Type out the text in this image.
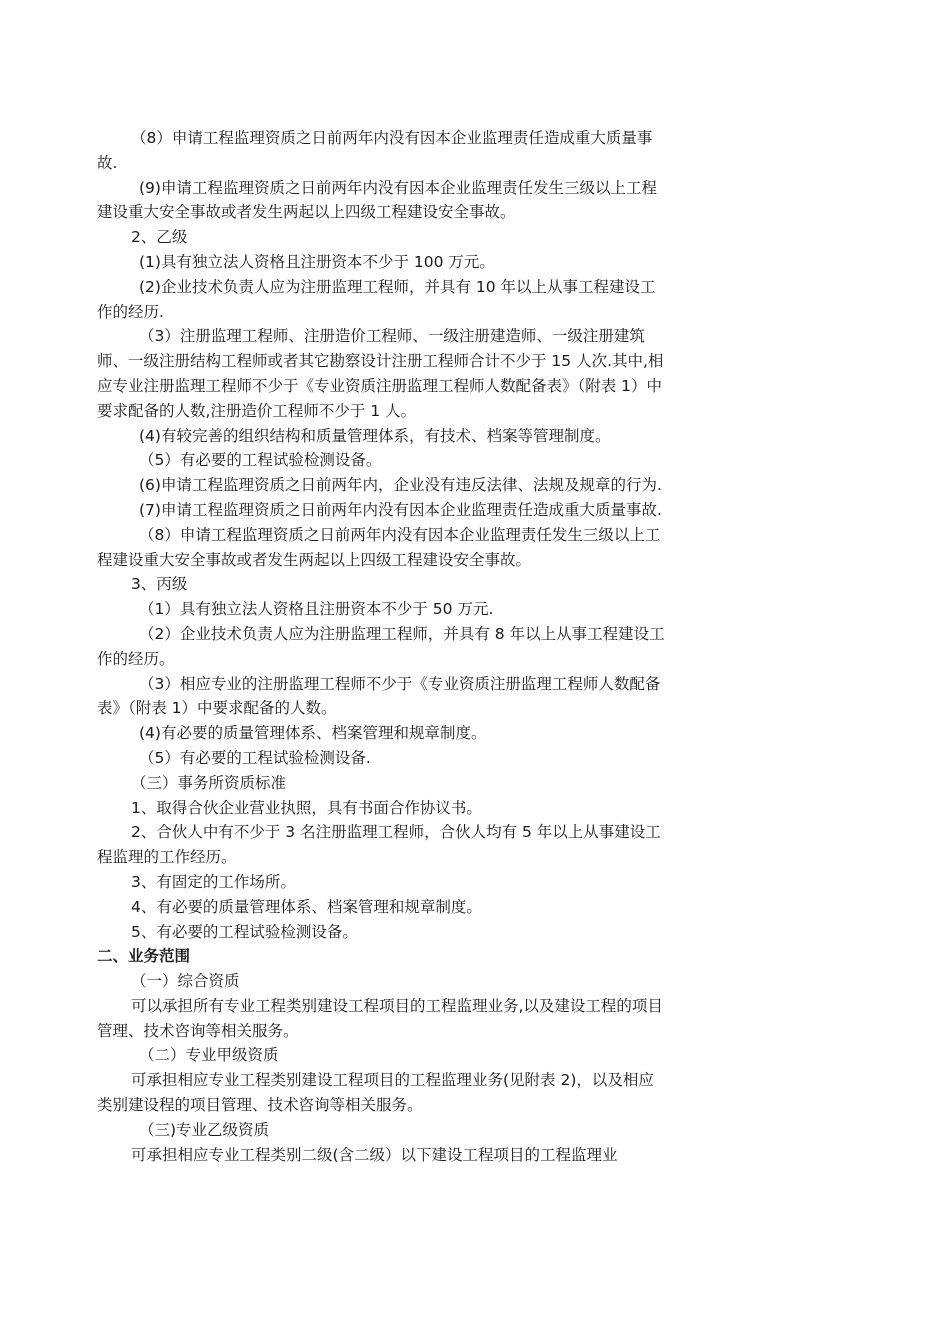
（8）申请工程监理资质之日前两年内没有因本企业监理责任造成重大质量事故.

(9)申请工程监理资质之日前两年内没有因本企业监理责任发生三级以上工程建设重大安全事故或者发生两起以上四级工程建设安全事故。

2、乙级

(1)具有独立法人资格且注册资本不少于 100 万元。

(2)企业技术负责人应为注册监理工程师，并具有 10 年以上从事工程建设工作的经历.

（3）注册监理工程师、注册造价工程师、一级注册建造师、一级注册建筑师、一级注册结构工程师或者其它勘察设计注册工程师合计不少于 15 人次.其中,相应专业注册监理工程师不少于《专业资质注册监理工程师人数配备表》（附表 1）中要求配备的人数,注册造价工程师不少于 1 人。

(4)有较完善的组织结构和质量管理体系，有技术、档案等管理制度。

（5）有必要的工程试验检测设备。

(6)申请工程监理资质之日前两年内，企业没有违反法律、法规及规章的行为.

(7)申请工程监理资质之日前两年内没有因本企业监理责任造成重大质量事故.

（8）申请工程监理资质之日前两年内没有因本企业监理责任发生三级以上工程建设重大安全事故或者发生两起以上四级工程建设安全事故。

3、丙级

（1）具有独立法人资格且注册资本不少于 50 万元.

（2）企业技术负责人应为注册监理工程师，并具有 8 年以上从事工程建设工作的经历。

（3）相应专业的注册监理工程师不少于《专业资质注册监理工程师人数配备表》（附表 1）中要求配备的人数。

(4)有必要的质量管理体系、档案管理和规章制度。

（5）有必要的工程试验检测设备.

（三）事务所资质标准

1、取得合伙企业营业执照，具有书面合作协议书。

2、合伙人中有不少于 3 名注册监理工程师，合伙人均有 5 年以上从事建设工程监理的工作经历。

3、有固定的工作场所。

4、有必要的质量管理体系、档案管理和规章制度。

5、有必要的工程试验检测设备。

二、业务范围

（一）综合资质

可以承担所有专业工程类别建设工程项目的工程监理业务,以及建设工程的项目管理、技术咨询等相关服务。

（二）专业甲级资质

可承担相应专业工程类别建设工程项目的工程监理业务(见附表 2)，以及相应类别建设程的项目管理、技术咨询等相关服务。

（三)专业乙级资质

可承担相应专业工程类别二级(含二级）以下建设工程项目的工程监理业
